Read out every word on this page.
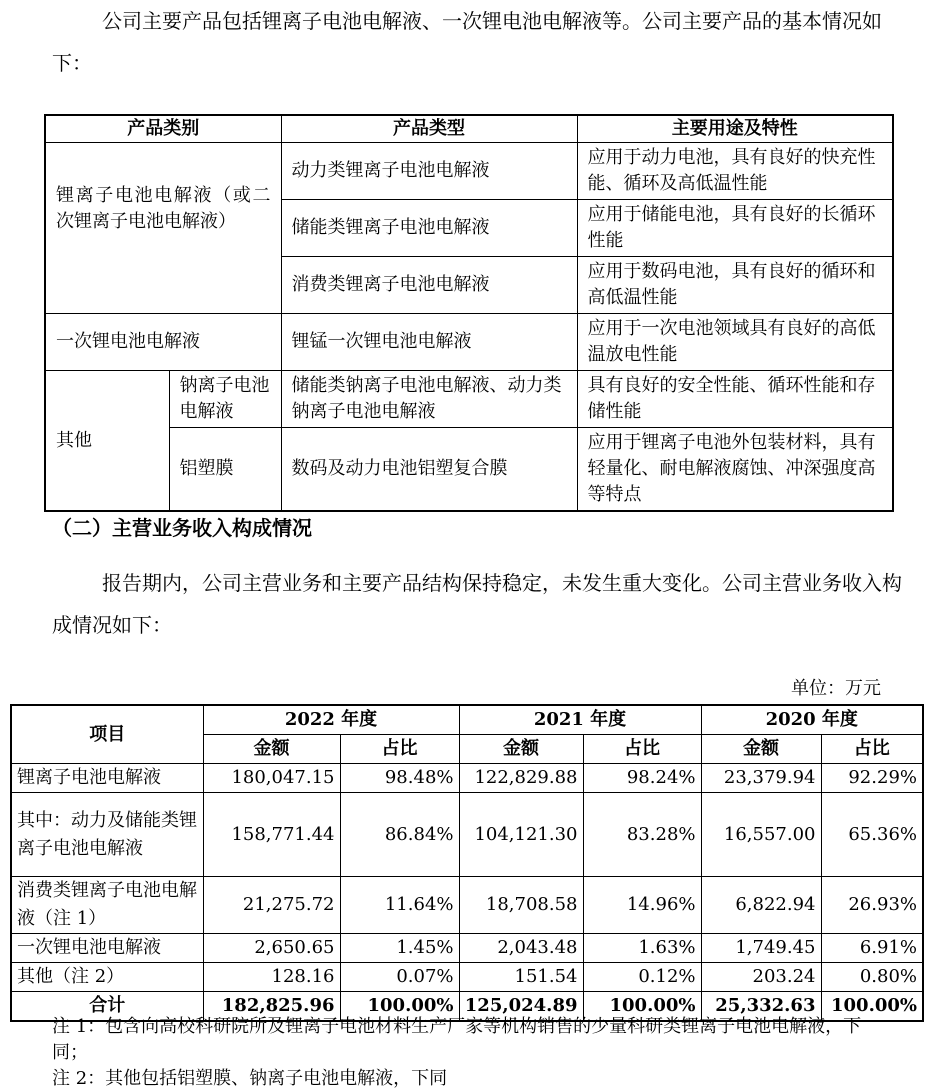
公司主要产品包括锂离子电池电解液、一次锂电池电解液等。公司主要产品的基本情况如下：

产品类别		产品类型	主要用途及特性
锂离子电池电解液（或二次锂离子电池电解液）		动力类锂离子电池电解液	应用于动力电池，具有良好的快充性能、循环及高低温性能
		储能类锂离子电池电解液	应用于储能电池，具有良好的长循环性能
		消费类锂离子电池电解液	应用于数码电池，具有良好的循环和高低温性能
一次锂电池电解液		锂锰一次锂电池电解液	应用于一次电池领域具有良好的高低温放电性能
其他	钠离子电池电解液	储能类钠离子电池电解液、动力类钠离子电池电解液	具有良好的安全性能、循环性能和存储性能
	铝塑膜	数码及动力电池铝塑复合膜	应用于锂离子电池外包装材料，具有轻量化、耐电解液腐蚀、冲深强度高等特点
（二）主营业务收入构成情况

报告期内，公司主营业务和主要产品结构保持稳定，未发生重大变化。公司主营业务收入构成情况如下：

单位：万元
项目	2022 年度		2021 年度		2020 年度	
	金额	占比	金额	占比	金额	占比
锂离子电池电解液	180,047.15	98.48%	122,829.88	98.24%	23,379.94	92.29%
其中：动力及储能类锂离子电池电解液	158,771.44	86.84%	104,121.30	83.28%	16,557.00	65.36%
消费类锂离子电池电解液（注 1）	21,275.72	11.64%	18,708.58	14.96%	6,822.94	26.93%
一次锂电池电解液	2,650.65	1.45%	2,043.48	1.63%	1,749.45	6.91%
其他（注 2）	128.16	0.07%	151.54	0.12%	203.24	0.80%
合计	182,825.96	100.00%	125,024.89	100.00%	25,332.63	100.00%
注 1：包含向高校科研院所及锂离子电池材料生产厂家等机构销售的少量科研类锂离子电池电解液，下同；
注 2：其他包括铝塑膜、钠离子电池电解液，下同
